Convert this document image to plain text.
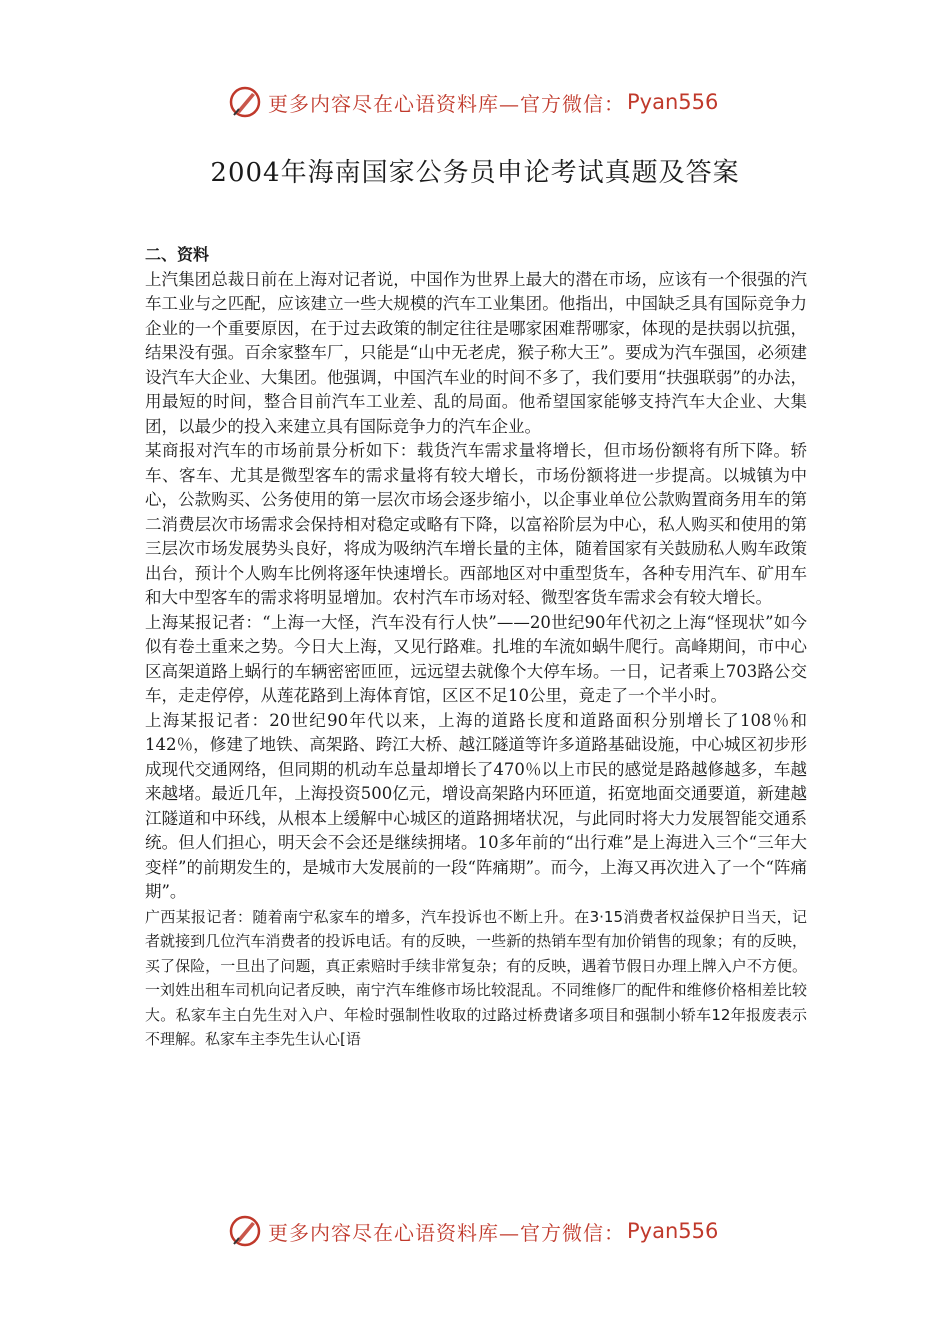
更多内容尽在心语资料库—官方微信： Pyan556
2004年海南国家公务员申论考试真题及答案

二、资料

上汽集团总裁日前在上海对记者说，中国作为世界上最大的潜在市场，应该有一个很强的汽车工业与之匹配，应该建立一些大规模的汽车工业集团。他指出，中国缺乏具有国际竞争力企业的一个重要原因，在于过去政策的制定往往是哪家困难帮哪家，体现的是扶弱以抗强，结果没有强。百余家整车厂，只能是“山中无老虎，猴子称大王”。要成为汽车强国，必须建设汽车大企业、大集团。他强调，中国汽车业的时间不多了，我们要用“扶强联弱”的办法，用最短的时间，整合目前汽车工业差、乱的局面。他希望国家能够支持汽车大企业、大集团，以最少的投入来建立具有国际竞争力的汽车企业。

某商报对汽车的市场前景分析如下：载货汽车需求量将增长，但市场份额将有所下降。轿车、客车、尤其是微型客车的需求量将有较大增长，市场份额将进一步提高。以城镇为中心，公款购买、公务使用的第一层次市场会逐步缩小，以企事业单位公款购置商务用车的第二消费层次市场需求会保持相对稳定或略有下降，以富裕阶层为中心，私人购买和使用的第三层次市场发展势头良好，将成为吸纳汽车增长量的主体，随着国家有关鼓励私人购车政策出台，预计个人购车比例将逐年快速增长。西部地区对中重型货车，各种专用汽车、矿用车和大中型客车的需求将明显增加。农村汽车市场对轻、微型客货车需求会有较大增长。

上海某报记者：“上海一大怪，汽车没有行人快”——20世纪90年代初之上海“怪现状”如今似有卷土重来之势。今日大上海，又见行路难。扎堆的车流如蜗牛爬行。高峰期间，市中心区高架道路上蜗行的车辆密密匝匝，远远望去就像个大停车场。一日，记者乘上703路公交车，走走停停，从莲花路到上海体育馆，区区不足10公里，竟走了一个半小时。

上海某报记者：20世纪90年代以来，上海的道路长度和道路面积分别增长了108％和142％，修建了地铁、高架路、跨江大桥、越江隧道等许多道路基础设施，中心城区初步形成现代交通网络，但同期的机动车总量却增长了470％以上市民的感觉是路越修越多，车越来越堵。最近几年，上海投资500亿元，增设高架路内环匝道，拓宽地面交通要道，新建越江隧道和中环线，从根本上缓解中心城区的道路拥堵状况，与此同时将大力发展智能交通系统。但人们担心，明天会不会还是继续拥堵。10多年前的“出行难”是上海进入三个“三年大变样”的前期发生的，是城市大发展前的一段“阵痛期”。而今，上海又再次进入了一个“阵痛期”。

广西某报记者：随着南宁私家车的增多，汽车投诉也不断上升。在3·15消费者权益保护日当天，记者就接到几位汽车消费者的投诉电话。有的反映，一些新的热销车型有加价销售的现象；有的反映，买了保险，一旦出了问题，真正索赔时手续非常复杂；有的反映，遇着节假日办理上牌入户不方便。一刘姓出租车司机向记者反映，南宁汽车维修市场比较混乱。不同维修厂的配件和维修价格相差比较大。私家车主白先生对入户、年检时强制性收取的过路过桥费诸多项目和强制小轿车12年报废表示不理解。私家车主李先生认心[语

更多内容尽在心语资料库—官方微信： Pyan556
